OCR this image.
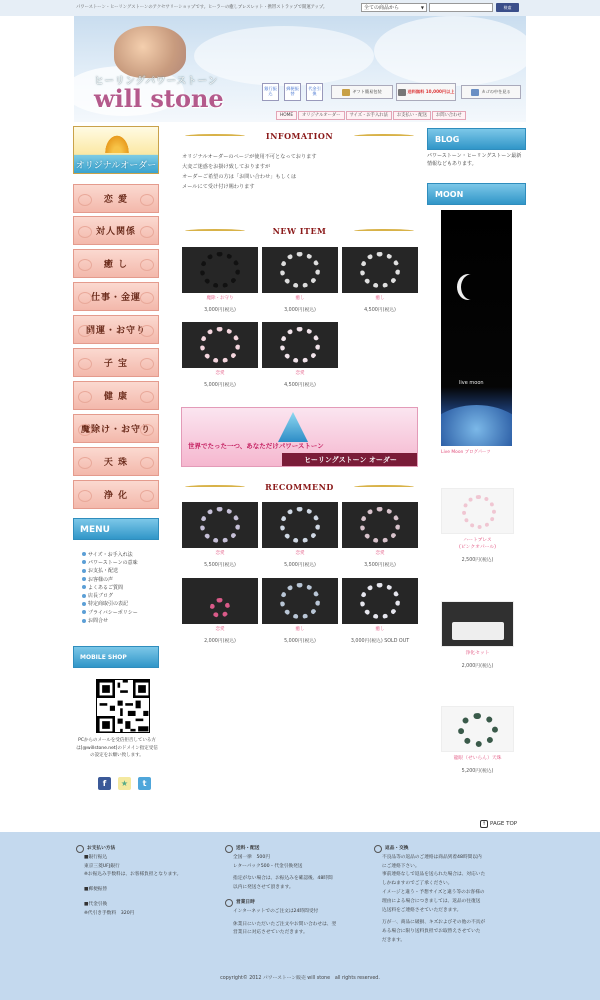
パワーストーン・ヒーリングストーンのアクセサリーショップです。ヒーラーの癒しブレスレット・携帯ストラップで開運アップ。	全ての商品から	▼	検索
ヒーリングパワーストーン
will stone	銀行振込
郵便振替
代金引換	ギフト簡易包装	送料無料 10,000円以上	カゴの中を見る
HOME	オリジナルオーダー	サイズ・お手入れ法	お支払い・配送	お問い合わせ
オリジナルオーダー
恋 愛
対人関係
癒 し
仕事・金運
開運・お守り
子 宝
健 康
魔除け・お守り
天 珠
浄 化
MENU
サイズ・お手入れ法
パワーストーンの意味
お支払・配送
お客様の声
よくあるご質問
店長ブログ
特定商取引の表記
プライバシーポリシー
お問合せ
MOBILE SHOP
PCからのメールを受信拒否している方は[@willstone.net]のドメイン指定受信の設定をお願い致します。
f	★	t
INFOMATION
オリジナルオーダーのページが使用不可となっております
大変ご迷惑をお掛け致しておりますが
オーダーご希望の方は「お問い合わせ」もしくは
メールにて受け付け賜わります
NEW ITEM
魔除・お守り
3,000円(税込)
癒し
3,000円(税込)
癒し
4,500円(税込)
恋愛
5,000円(税込)
恋愛
4,500円(税込)
世界でたった一つ、あなただけパワーストーン
ヒーリングストーン オーダー
RECOMMEND
恋愛
5,500円(税込)
恋愛
5,000円(税込)
恋愛
3,500円(税込)
恋愛
2,000円(税込)
癒し
5,000円(税込)
癒し
3,000円(税込) SOLD OUT
BLOG
パワーストーン・ヒーリングストーン最新情報などもあります。
MOON
live moon
Live Moon ブログパーツ
ハートブレス
(ピンクオパール)
2,500円(税込)
浄化セット
2,000円(税込)
龍眼（せいらん）天珠
5,200円(税込)
↑ PAGE TOP
お支払い方法
■銀行振込
東京三菱UFJ銀行
※お振込み手数料は、お客様負担となります。
■郵便振替
■代金引換
※代引き手数料　320円
送料・配送
全国一律　500円
レターパック500・代金引換発送
指定がない場合は、お振込みを確認後、48時間
以内に発送させて頂きます。
営業日時
インターネットでのご注文は24時間受付
休業日にいただいたご注文やお問い合わせは、翌
営業日に対応させていただきます。
返品・交換
不良品等の返品のご連絡は商品到着48時間以内
にご連絡下さい。
事前連絡なしで返品を送られた場合は、対応いた
しかねますのでご了承ください。
イメージと違う・予想サイズと違う等のお客様の
理由による場合につきましては、返品の往復送
込送料をご連絡させていただきます。
万が一、商品に破損、キズおよびその他の不具が
ある場合に限り送料負担でお取替えさせていた
だきます。
copyright© 2012 パワーストーン販売 will stone　all rights reserved.
